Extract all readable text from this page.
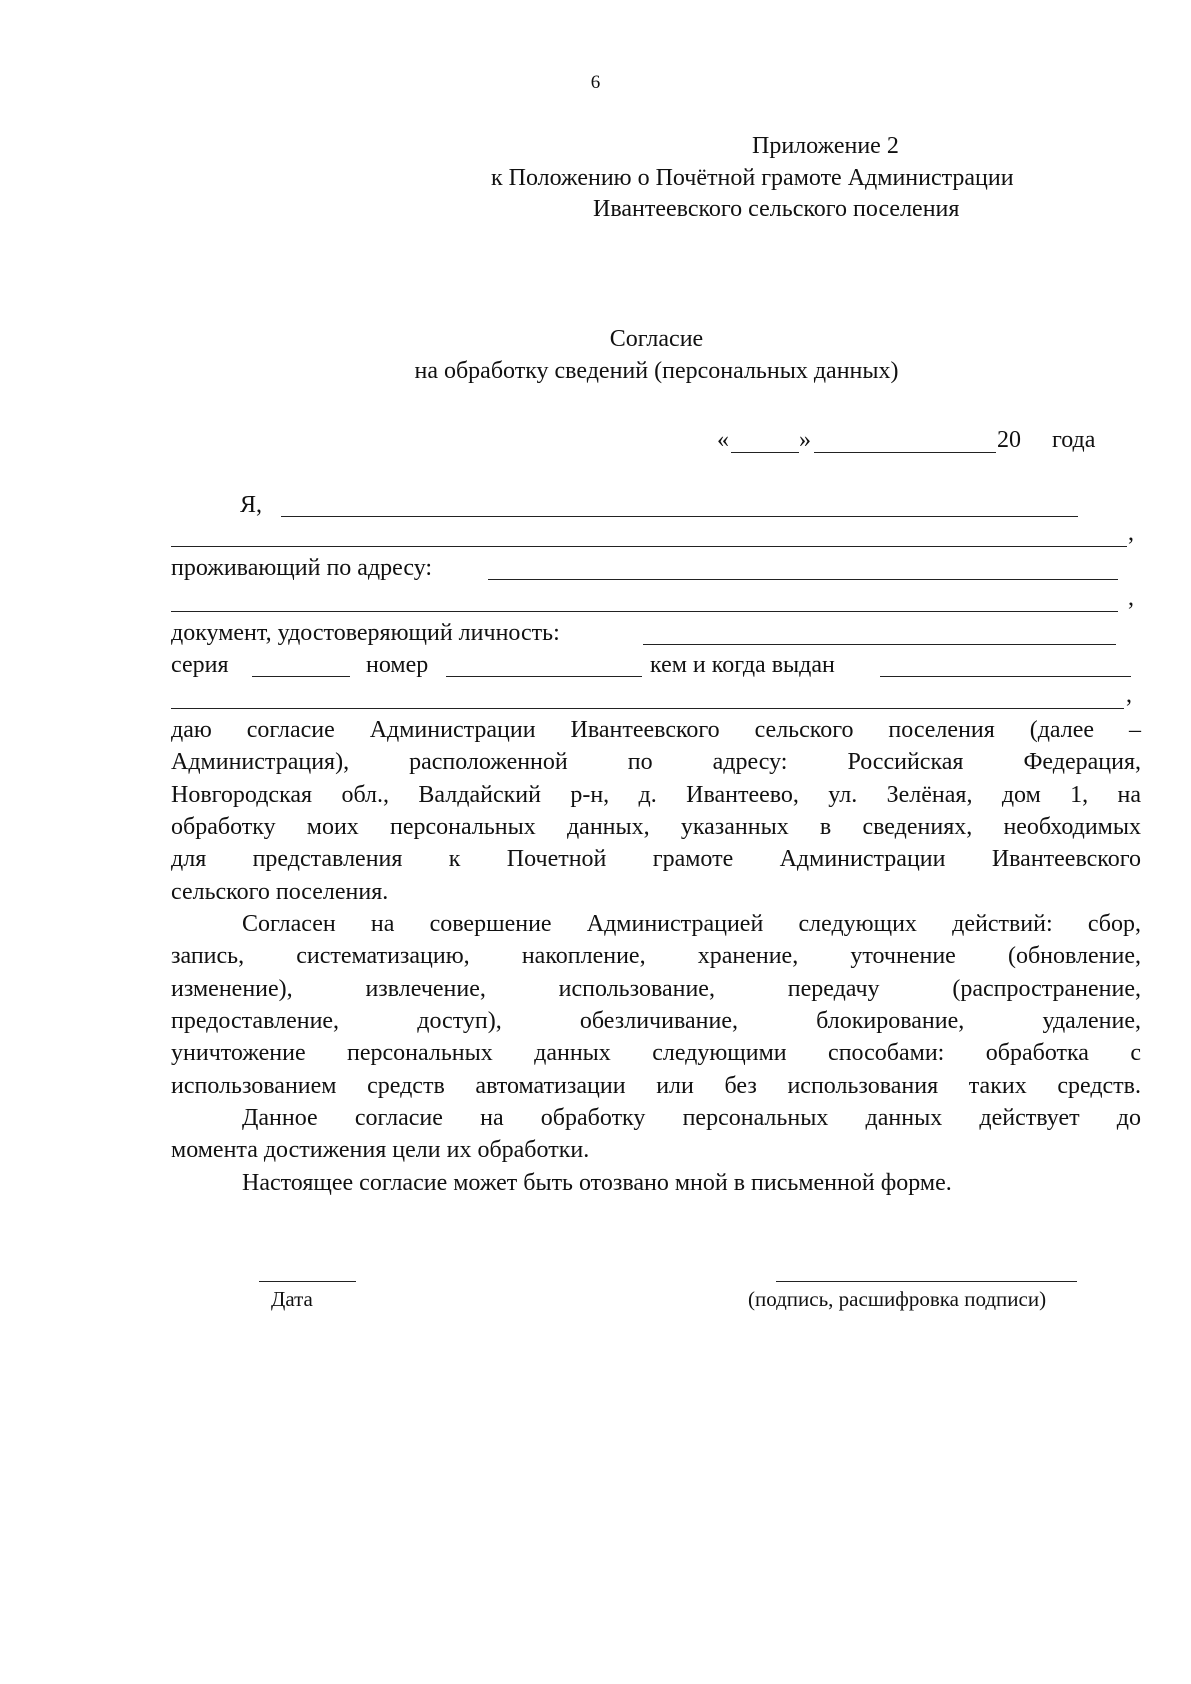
6
Приложение 2
к Положению о Почётной грамоте Администрации
Ивантеевского сельского поселения
Согласие
на обработку сведений (персональных данных)
«	»	20 года
Я,
,
проживающий по адресу:
,
документ, удостоверяющий личность:
серия	номер	кем и когда выдан
,
даю согласие Администрации Ивантеевского сельского поселения (далее –
Администрация), расположенной по адресу: Российская Федерация,
Новгородская обл., Валдайский р-н, д. Ивантеево, ул. Зелёная, дом 1, на
обработку моих персональных данных, указанных в сведениях, необходимых
для представления к Почетной грамоте Администрации Ивантеевского
сельского поселения.
Согласен на совершение Администрацией следующих действий: сбор,
запись, систематизацию, накопление, хранение, уточнение (обновление,
изменение), извлечение, использование, передачу (распространение,
предоставление, доступ), обезличивание, блокирование, удаление,
уничтожение персональных данных следующими способами: обработка с
использованием средств автоматизации или без использования таких средств.
Данное согласие на обработку персональных данных действует до
момента достижения цели их обработки.
Настоящее согласие может быть отозвано мной в письменной форме.
Дата	(подпись, расшифровка подписи)
